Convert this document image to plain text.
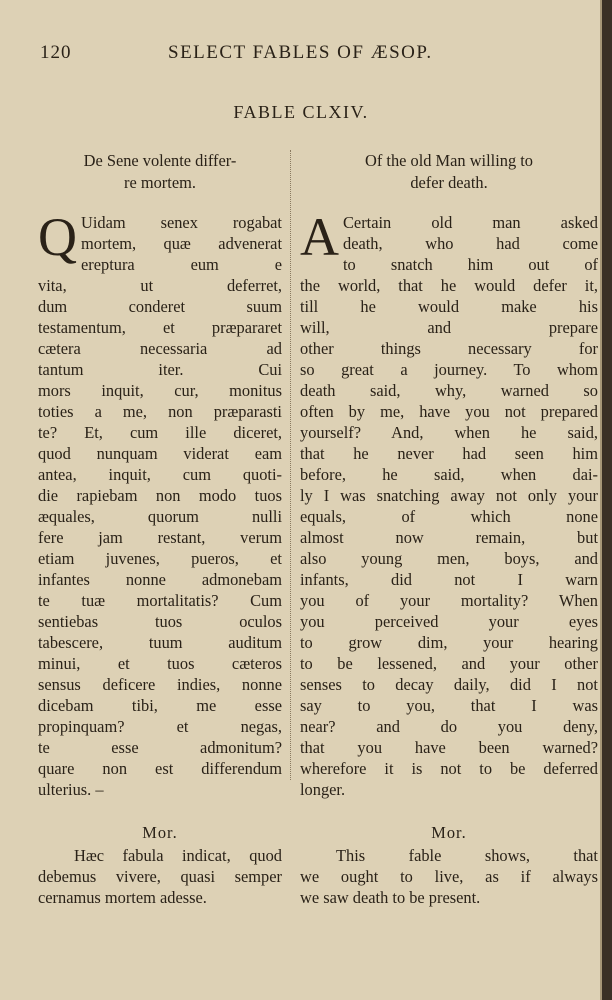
120	SELECT FABLES OF ÆSOP.
FABLE CLXIV.
De Sene volente differ-
re mortem.
Q Uidam senex rogabat
mortem, quæ advenerat
ereptura eum e
vita, ut deferret,
dum conderet suum
testamentum, et præpararet
cætera necessaria ad
tantum iter. Cui
mors inquit, cur, monitus
toties a me, non præparasti
te? Et, cum ille diceret,
quod nunquam viderat eam
antea, inquit, cum quoti-
die rapiebam non modo tuos
æquales, quorum nulli
fere jam restant, verum
etiam juvenes, pueros, et
infantes nonne admonebam
te tuæ mortalitatis? Cum
sentiebas tuos oculos
tabescere, tuum auditum
minui, et tuos cæteros
sensus deficere indies, nonne
dicebam tibi, me esse
propinquam? et negas,
te esse admonitum?
quare non est differendum
ulterius. –
Mor.
Hæc fabula indicat, quod
debemus vivere, quasi semper
cernamus mortem adesse.
Of the old Man willing to
defer death.
A Certain old man asked
death, who had come
to snatch him out of
the world, that he would defer it,
till he would make his
will, and prepare
other things necessary for
so great a journey. To whom
death said, why, warned so
often by me, have you not prepared
yourself? And, when he said,
that he never had seen him
before, he said, when dai-
ly I was snatching away not only your
equals, of which none
almost now remain, but
also young men, boys, and
infants, did not I warn
you of your mortality? When
you perceived your eyes
to grow dim, your hearing
to be lessened, and your other
senses to decay daily, did I not
say to you, that I was
near? and do you deny,
that you have been warned?
wherefore it is not to be deferred
longer.
Mor.
This fable shows, that
we ought to live, as if always
we saw death to be present.
